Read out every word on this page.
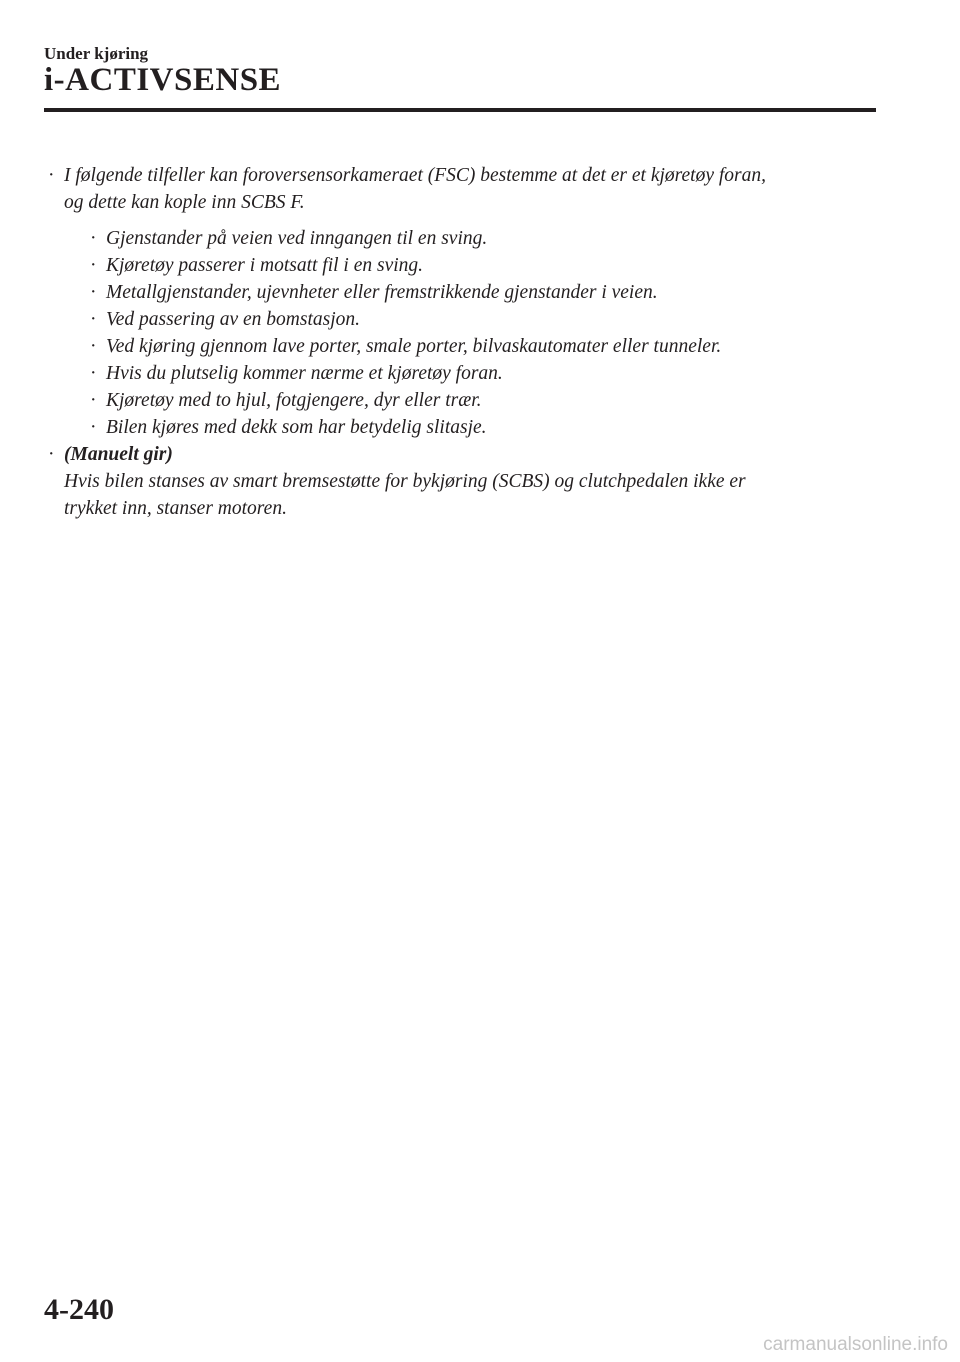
Under kjøring
i-ACTIVSENSE
· I følgende tilfeller kan foroversensorkameraet (FSC) bestemme at det er et kjøretøy foran,
og dette kan kople inn SCBS F.
· Gjenstander på veien ved inngangen til en sving.
· Kjøretøy passerer i motsatt fil i en sving.
· Metallgjenstander, ujevnheter eller fremstrikkende gjenstander i veien.
· Ved passering av en bomstasjon.
· Ved kjøring gjennom lave porter, smale porter, bilvaskautomater eller tunneler.
· Hvis du plutselig kommer nærme et kjøretøy foran.
· Kjøretøy med to hjul, fotgjengere, dyr eller trær.
· Bilen kjøres med dekk som har betydelig slitasje.
· (Manuelt gir)
Hvis bilen stanses av smart bremsestøtte for bykjøring (SCBS) og clutchpedalen ikke er
trykket inn, stanser motoren.
4-240
carmanualsonline.info
